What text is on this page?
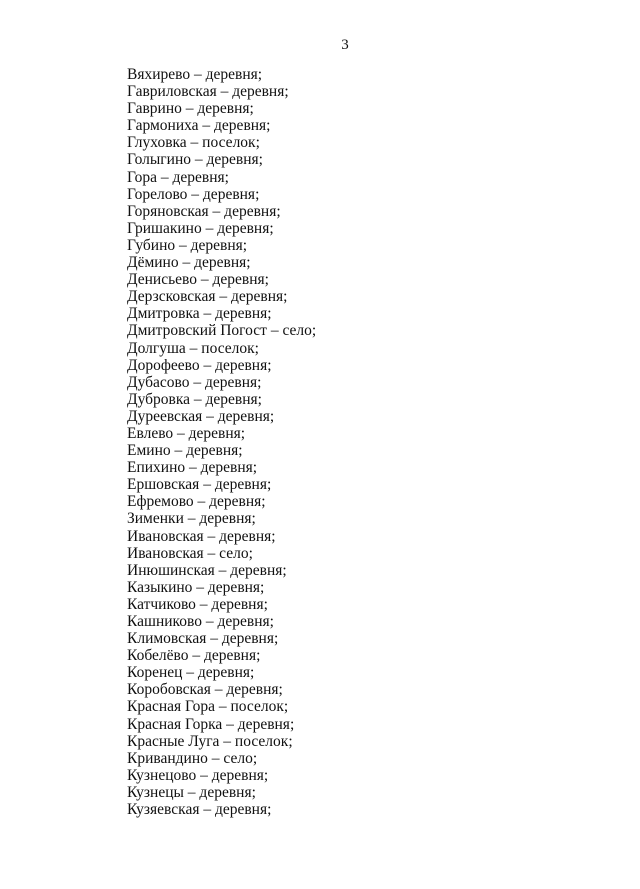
3
Вяхирево – деревня;
Гавриловская – деревня;
Гаврино – деревня;
Гармониха – деревня;
Глуховка – поселок;
Голыгино – деревня;
Гора – деревня;
Горелово – деревня;
Горяновская – деревня;
Гришакино – деревня;
Губино – деревня;
Дёмино – деревня;
Денисьево – деревня;
Дерзсковская – деревня;
Дмитровка – деревня;
Дмитровский Погост – село;
Долгуша – поселок;
Дорофеево – деревня;
Дубасово – деревня;
Дубровка – деревня;
Дуреевская – деревня;
Евлево – деревня;
Емино – деревня;
Епихино – деревня;
Ершовская – деревня;
Ефремово – деревня;
Зименки – деревня;
Ивановская – деревня;
Ивановская – село;
Инюшинская – деревня;
Казыкино – деревня;
Катчиково – деревня;
Кашниково – деревня;
Климовская – деревня;
Кобелёво – деревня;
Коренец – деревня;
Коробовская – деревня;
Красная Гора – поселок;
Красная Горка – деревня;
Красные Луга – поселок;
Кривандино – село;
Кузнецово – деревня;
Кузнецы – деревня;
Кузяевская – деревня;
